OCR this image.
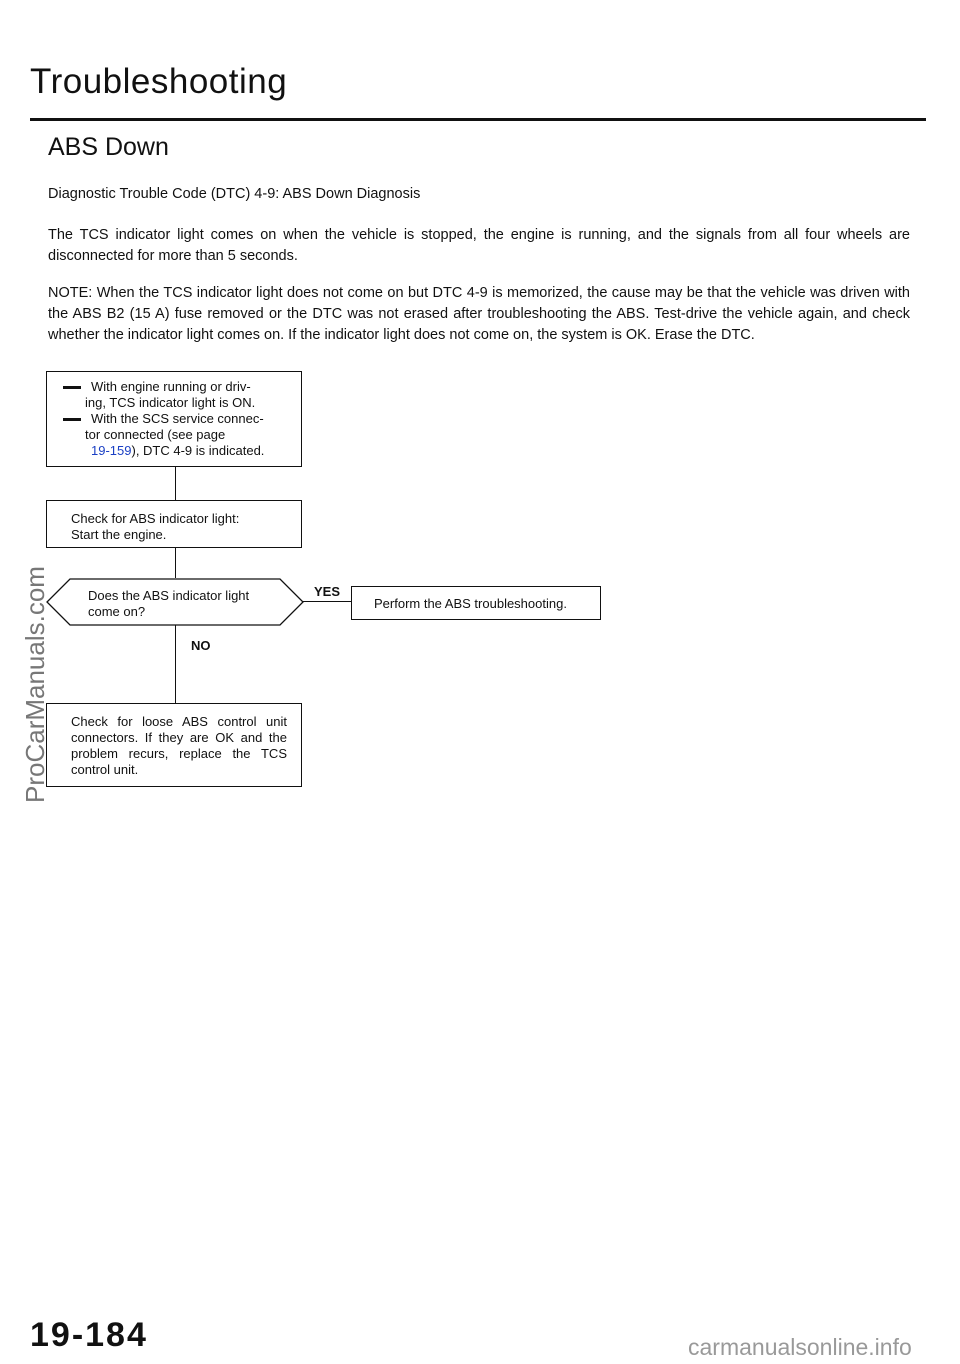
Troubleshooting
ABS Down
Diagnostic Trouble Code (DTC) 4-9: ABS Down Diagnosis
The TCS indicator light comes on when the vehicle is stopped, the engine is running, and the signals from all four wheels are disconnected for more than 5 seconds.
NOTE: When the TCS indicator light does not come on but DTC 4-9 is memorized, the cause may be that the vehicle was driven with the ABS B2 (15 A) fuse removed or the DTC was not erased after troubleshooting the ABS. Test-drive the vehicle again, and check whether the indicator light comes on. If the indicator light does not come on, the system is OK. Erase the DTC.
With engine running or driv-
ing, TCS indicator light is ON.
With the SCS service connec-
tor connected (see page
19-159), DTC 4-9 is indicated.
Check for ABS indicator light:
Start the engine.
Does the ABS indicator light
come on?
YES
NO
Perform the ABS troubleshooting.
Check for loose ABS control unit connectors. If they are OK and the problem recurs, replace the TCS control unit.
ProCarManuals.com
19-184	carmanualsonline.info
